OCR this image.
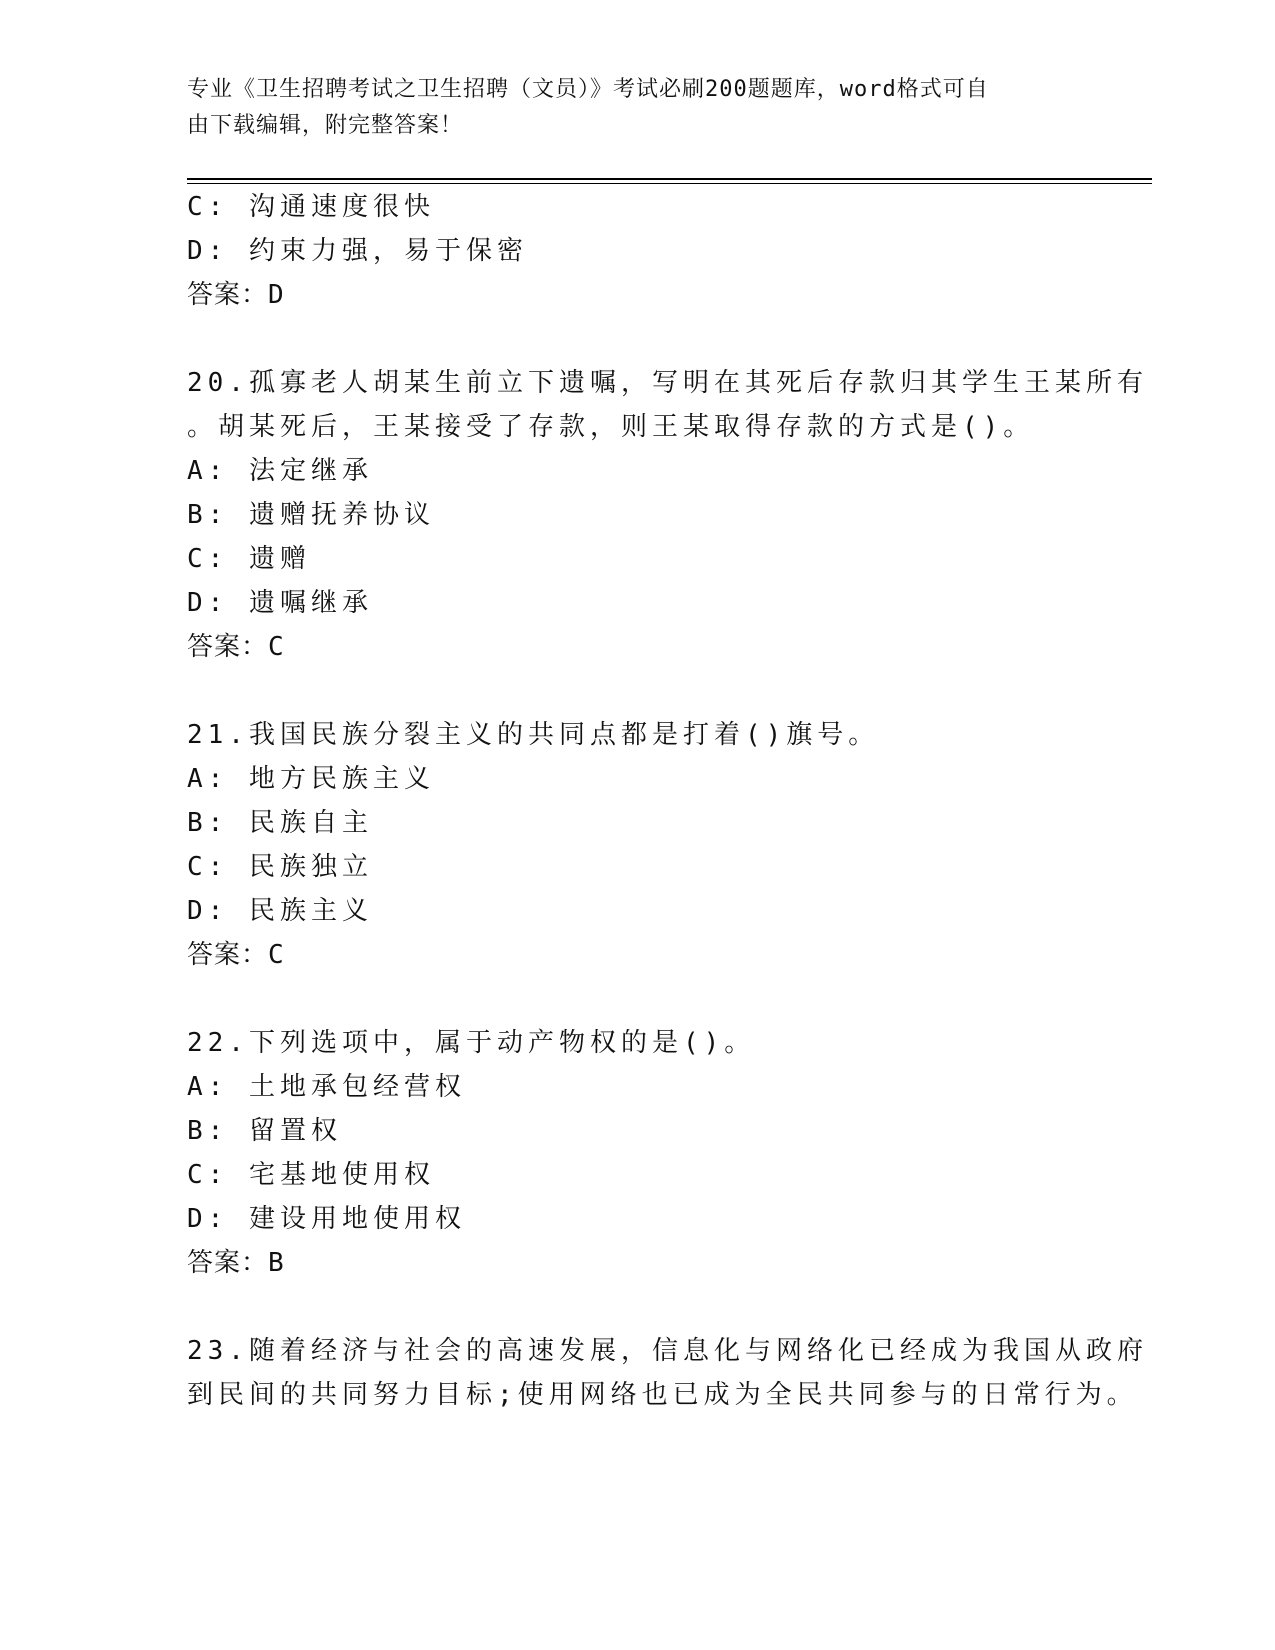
专业《卫生招聘考试之卫生招聘（文员）》考试必刷200题题库，word格式可自
由下载编辑，附完整答案！
C: 沟通速度很快
D: 约束力强，易于保密
答案：D
20.孤寡老人胡某生前立下遗嘱，写明在其死后存款归其学生王某所有
。胡某死后，王某接受了存款，则王某取得存款的方式是()。
A: 法定继承
B: 遗赠抚养协议
C: 遗赠
D: 遗嘱继承
答案：C
21.我国民族分裂主义的共同点都是打着()旗号。
A: 地方民族主义
B: 民族自主
C: 民族独立
D: 民族主义
答案：C
22.下列选项中，属于动产物权的是()。
A: 土地承包经营权
B: 留置权
C: 宅基地使用权
D: 建设用地使用权
答案：B
23.随着经济与社会的高速发展，信息化与网络化已经成为我国从政府
到民间的共同努力目标;使用网络也已成为全民共同参与的日常行为。
